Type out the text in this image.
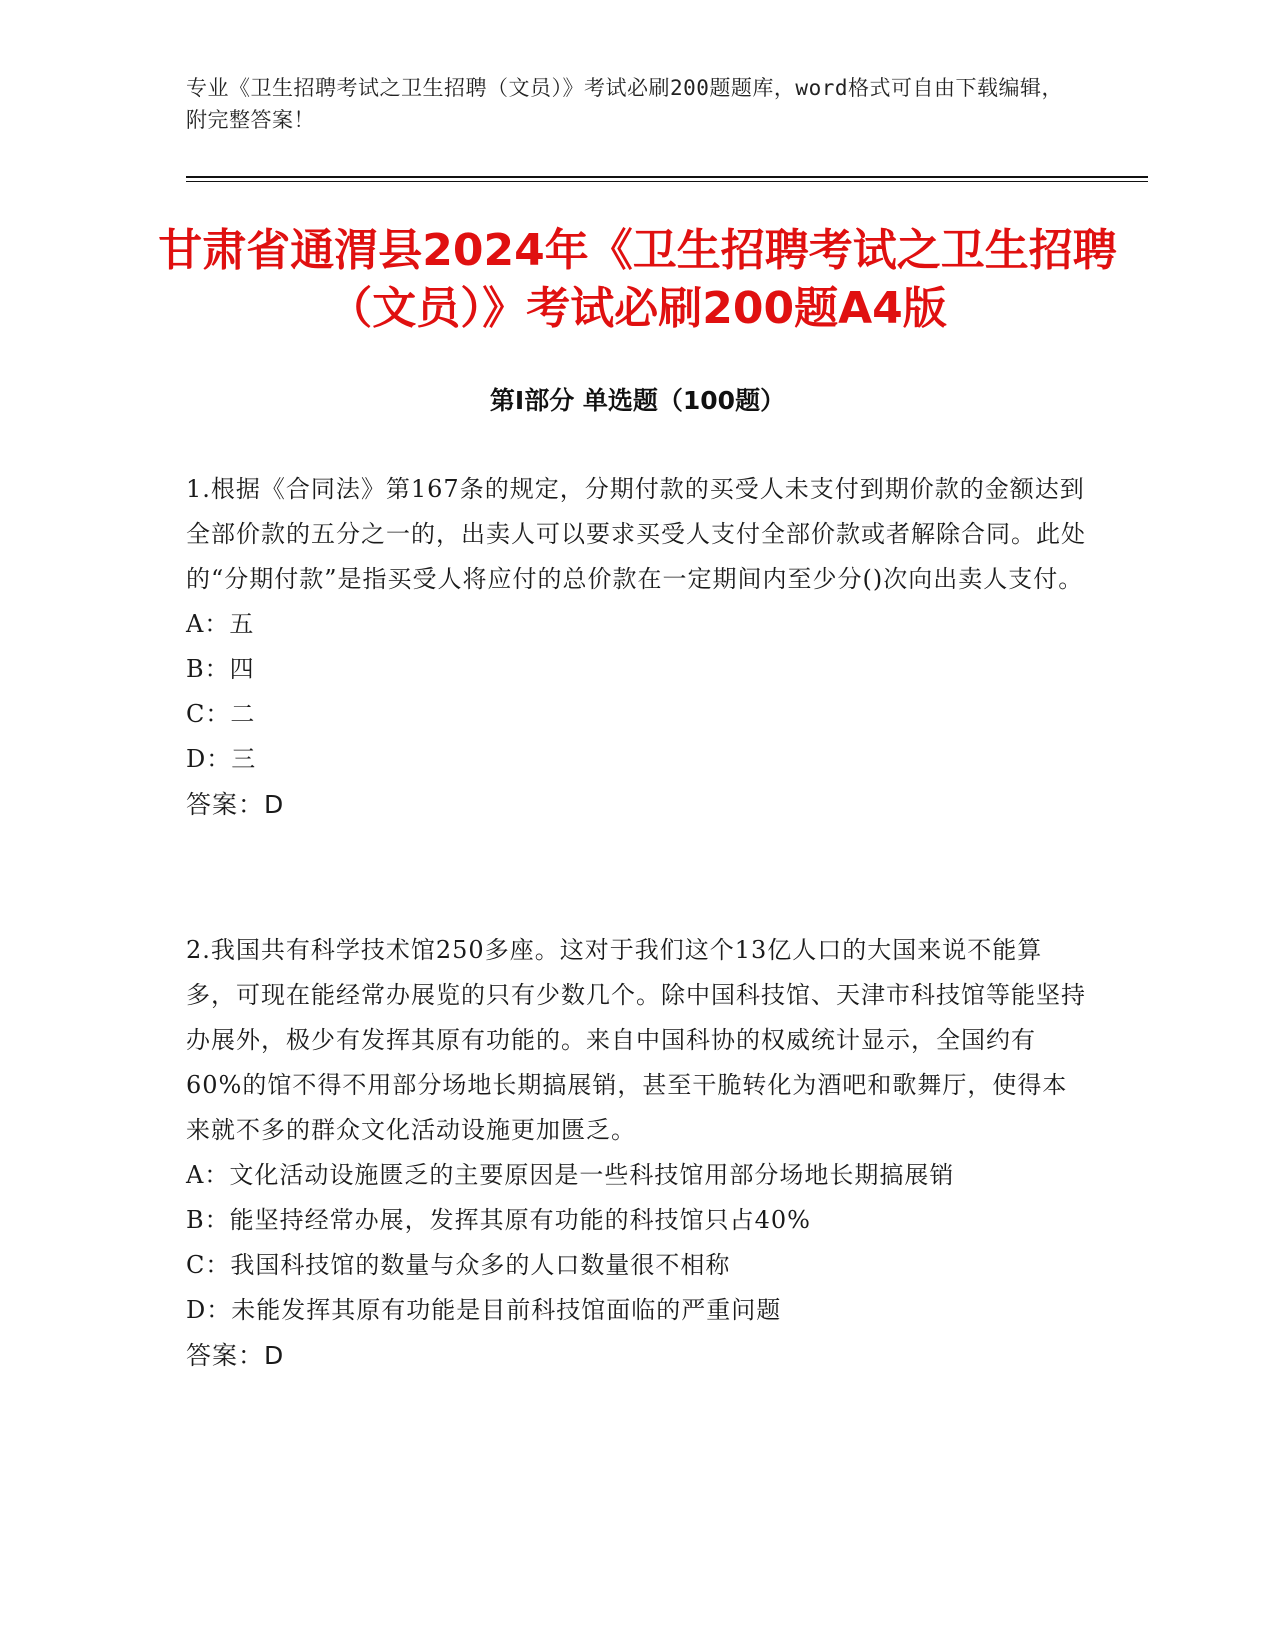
专业《卫生招聘考试之卫生招聘（文员）》考试必刷200题题库，word格式可自由下载编辑，附完整答案！
甘肃省通渭县2024年《卫生招聘考试之卫生招聘（文员）》考试必刷200题A4版
第Ⅰ部分 单选题（100题）
1.根据《合同法》第167条的规定，分期付款的买受人未支付到期价款的金额达到全部价款的五分之一的，出卖人可以要求买受人支付全部价款或者解除合同。此处的“分期付款”是指买受人将应付的总价款在一定期间内至少分()次向出卖人支付。
A：五
B：四
C：二
D：三
答案：D
2.我国共有科学技术馆250多座。这对于我们这个13亿人口的大国来说不能算多，可现在能经常办展览的只有少数几个。除中国科技馆、天津市科技馆等能坚持办展外，极少有发挥其原有功能的。来自中国科协的权威统计显示，全国约有60%的馆不得不用部分场地长期搞展销，甚至干脆转化为酒吧和歌舞厅，使得本来就不多的群众文化活动设施更加匮乏。
A：文化活动设施匮乏的主要原因是一些科技馆用部分场地长期搞展销
B：能坚持经常办展，发挥其原有功能的科技馆只占40%
C：我国科技馆的数量与众多的人口数量很不相称
D：未能发挥其原有功能是目前科技馆面临的严重问题
答案：D
